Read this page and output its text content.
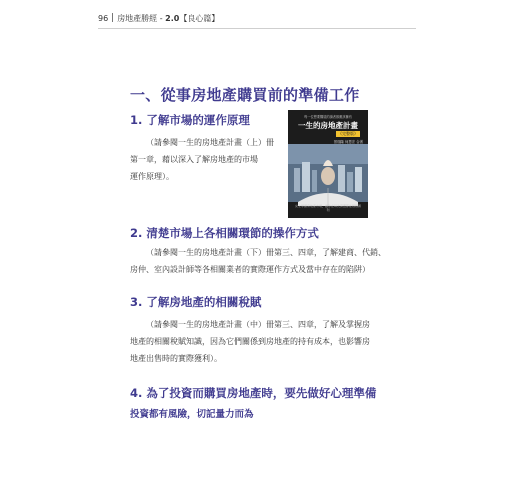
96 房地產勝經 - 2.0【良心篇】
一、從事房地產購買前的準備工作
1. 了解市場的運作原理
（請參閱一生的房地產計畫（上）冊
第一章，藉以深入了解房地產的市場
運作原理）。
每一位想要購屋的讀者都應該擁有
一生的房地產計畫
《完整版》
蔡瑞隆 何思宏 合著
完全掌握房地產市場，讓你在每次買賣都能穩穩獲利
2. 清楚市場上各相關環節的操作方式
（請參閱一生的房地產計畫（下）冊第三、四章，了解建商、代銷、
房仲、室內設計師等各相關業者的實際運作方式及當中存在的陷阱）
3. 了解房地產的相關稅賦
（請參閱一生的房地產計畫（中）冊第三、四章，了解及掌握房
地產的相關稅賦知識，因為它們關係到房地產的持有成本，也影響房
地產出售時的實際獲利）。
4. 為了投資而購買房地產時，要先做好心理準備
投資都有風險，切記量力而為
